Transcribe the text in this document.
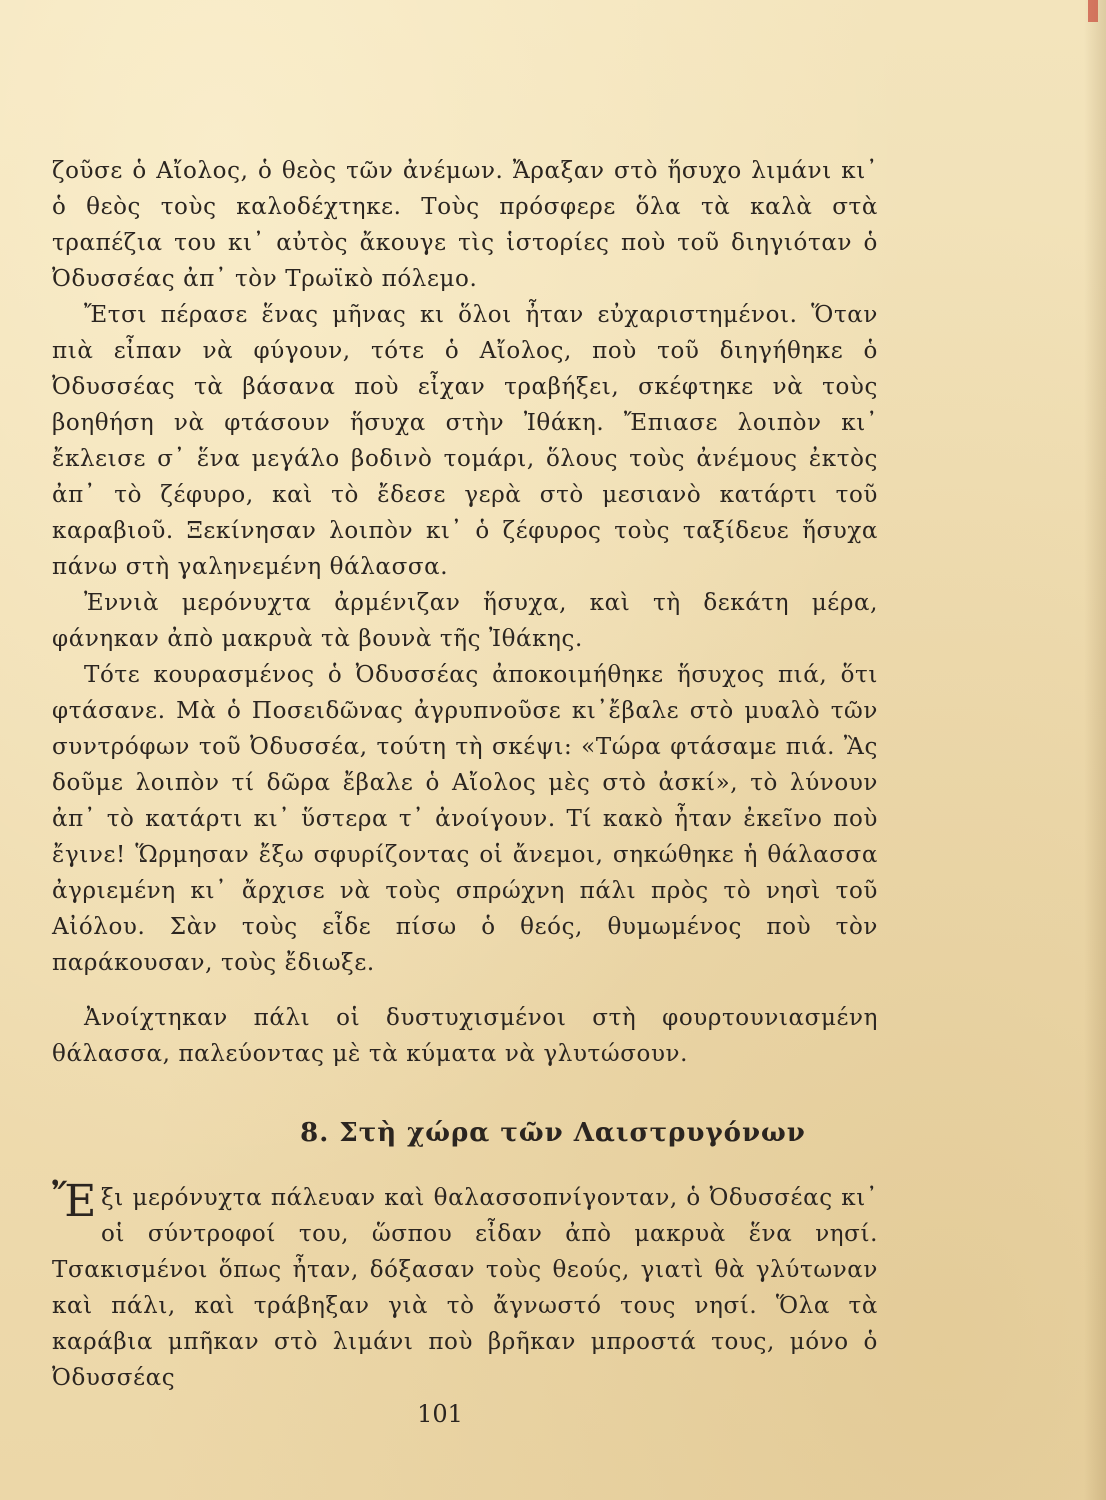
ζοῦσε ὁ Αἴολος, ὁ θεὸς τῶν ἀνέμων. Ἄραξαν στὸ ἥσυχο λιμάνι κι᾿ ὁ θεὸς τοὺς καλοδέχτηκε. Τοὺς πρόσφερε ὅλα τὰ καλὰ στὰ τραπέζια του κι᾿ αὐτὸς ἄκουγε τὶς ἱστορίες ποὺ τοῦ διηγιόταν ὁ Ὀδυσσέας ἀπ᾿ τὸν Τρωϊκὸ πόλεμο.

Ἔτσι πέρασε ἕνας μῆνας κι ὅλοι ἦταν εὐχαριστημένοι. Ὅταν πιὰ εἶπαν νὰ φύγουν, τότε ὁ Αἴολος, ποὺ τοῦ διηγήθηκε ὁ Ὀδυσσέας τὰ βάσανα ποὺ εἶχαν τραβήξει, σκέφτηκε νὰ τοὺς βοηθήση νὰ φτάσουν ἥσυχα στὴν Ἰθάκη. Ἔπιασε λοιπὸν κι᾿ ἔκλεισε σ᾿ ἕνα μεγάλο βοδινὸ τομάρι, ὅλους τοὺς ἀνέμους ἐκτὸς ἀπ᾿ τὸ ζέφυρο, καὶ τὸ ἔδεσε γερὰ στὸ μεσιανὸ κατάρτι τοῦ καραβιοῦ. Ξεκίνησαν λοιπὸν κι᾿ ὁ ζέφυρος τοὺς ταξίδευε ἥσυχα πάνω στὴ γαληνεμένη θάλασσα.

Ἐννιὰ μερόνυχτα ἀρμένιζαν ἥσυχα, καὶ τὴ δεκάτη μέρα, φάνηκαν ἀπὸ μακρυὰ τὰ βουνὰ τῆς Ἰθάκης.

Τότε κουρασμένος ὁ Ὀδυσσέας ἀποκοιμήθηκε ἥσυχος πιά, ὅτι φτάσανε. Μὰ ὁ Ποσειδῶνας ἀγρυπνοῦσε κι᾿ἔβαλε στὸ μυαλὸ τῶν συντρόφων τοῦ Ὀδυσσέα, τούτη τὴ σκέψι: «Τώρα φτάσαμε πιά. Ἂς δοῦμε λοιπὸν τί δῶρα ἔβαλε ὁ Αἴολος μὲς στὸ ἀσκί», τὸ λύνουν ἀπ᾿ τὸ κατάρτι κι᾿ ὕστερα τ᾿ ἀνοίγουν. Τί κακὸ ἦταν ἐκεῖνο ποὺ ἔγινε! Ὥρμησαν ἔξω σφυρίζοντας οἱ ἄνεμοι, σηκώθηκε ἡ θάλασσα ἀγριεμένη κι᾿ ἄρχισε νὰ τοὺς σπρώχνη πάλι πρὸς τὸ νησὶ τοῦ Αἰόλου. Σὰν τοὺς εἶδε πίσω ὁ θεός, θυμωμένος ποὺ τὸν παράκουσαν, τοὺς ἔδιωξε.

Ἀνοίχτηκαν πάλι οἱ δυστυχισμένοι στὴ φουρτουνιασμένη θάλασσα, παλεύοντας μὲ τὰ κύματα νὰ γλυτώσουν.

8. Στὴ χώρα τῶν Λαιστρυγόνων

Ἔξι μερόνυχτα πάλευαν καὶ θαλασσοπνίγονταν, ὁ Ὀδυσσέας κι᾿ οἱ σύντροφοί του, ὥσπου εἶδαν ἀπὸ μακρυὰ ἕνα νησί. Τσακισμένοι ὅπως ἦταν, δόξασαν τοὺς θεούς, γιατὶ θὰ γλύτωναν καὶ πάλι, καὶ τράβηξαν γιὰ τὸ ἄγνωστό τους νησί. Ὅλα τὰ καράβια μπῆκαν στὸ λιμάνι ποὺ βρῆκαν μπροστά τους, μόνο ὁ Ὀδυσσέας

101
